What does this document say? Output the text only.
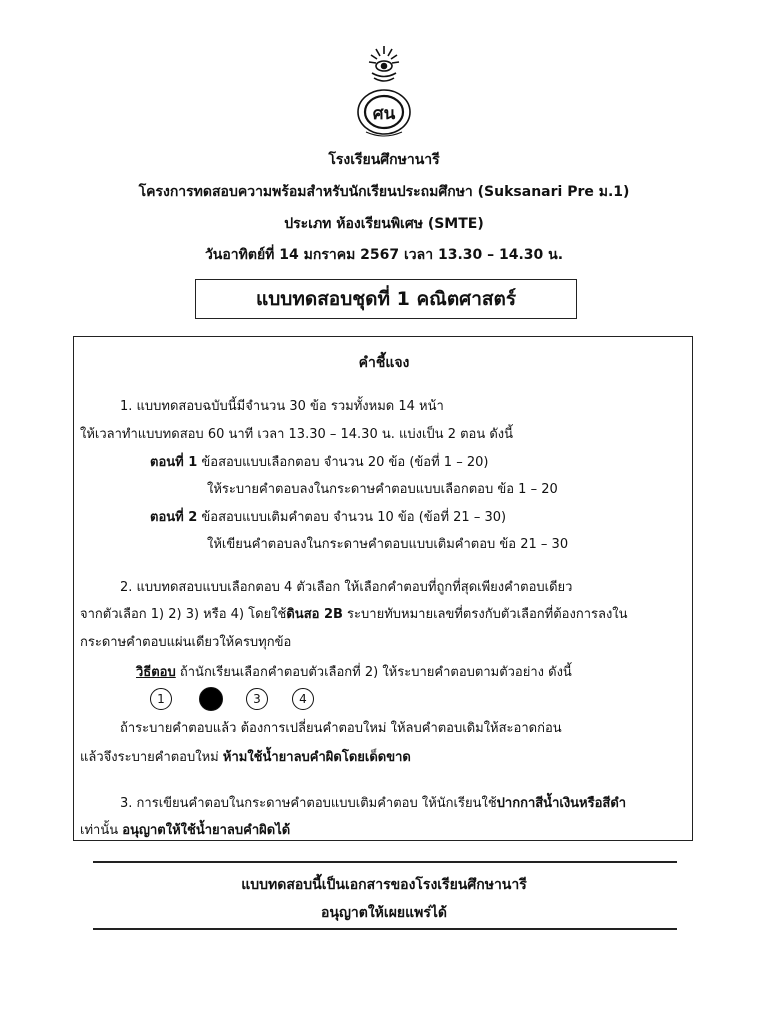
ศน
โรงเรียนศึกษานารี
โครงการทดสอบความพร้อมสำหรับนักเรียนประถมศึกษา (Suksanari Pre ม.1)
ประเภท ห้องเรียนพิเศษ (SMTE)
วันอาทิตย์ที่ 14 มกราคม 2567 เวลา 13.30 – 14.30 น.
แบบทดสอบชุดที่ 1 คณิตศาสตร์
คำชี้แจง
1. แบบทดสอบฉบับนี้มีจำนวน 30 ข้อ รวมทั้งหมด 14 หน้า
ให้เวลาทำแบบทดสอบ 60 นาที เวลา 13.30 – 14.30 น. แบ่งเป็น 2 ตอน ดังนี้
ตอนที่ 1 ข้อสอบแบบเลือกตอบ จำนวน 20 ข้อ (ข้อที่ 1 – 20)
ให้ระบายคำตอบลงในกระดาษคำตอบแบบเลือกตอบ ข้อ 1 – 20
ตอนที่ 2 ข้อสอบแบบเติมคำตอบ จำนวน 10 ข้อ (ข้อที่ 21 – 30)
ให้เขียนคำตอบลงในกระดาษคำตอบแบบเติมคำตอบ ข้อ 21 – 30
2. แบบทดสอบแบบเลือกตอบ 4 ตัวเลือก ให้เลือกคำตอบที่ถูกที่สุดเพียงคำตอบเดียว
จากตัวเลือก 1) 2) 3) หรือ 4) โดยใช้ดินสอ 2B ระบายทับหมายเลขที่ตรงกับตัวเลือกที่ต้องการลงใน
กระดาษคำตอบแผ่นเดียวให้ครบทุกข้อ
วิธีตอบ ถ้านักเรียนเลือกคำตอบตัวเลือกที่ 2) ให้ระบายคำตอบตามตัวอย่าง ดังนี้
1	3	4
ถ้าระบายคำตอบแล้ว ต้องการเปลี่ยนคำตอบใหม่ ให้ลบคำตอบเดิมให้สะอาดก่อน
แล้วจึงระบายคำตอบใหม่ ห้ามใช้น้ำยาลบคำผิดโดยเด็ดขาด
3. การเขียนคำตอบในกระดาษคำตอบแบบเติมคำตอบ ให้นักเรียนใช้ปากกาสีน้ำเงินหรือสีดำ
เท่านั้น อนุญาตให้ใช้น้ำยาลบคำผิดได้
แบบทดสอบนี้เป็นเอกสารของโรงเรียนศึกษานารี
อนุญาตให้เผยแพร่ได้
